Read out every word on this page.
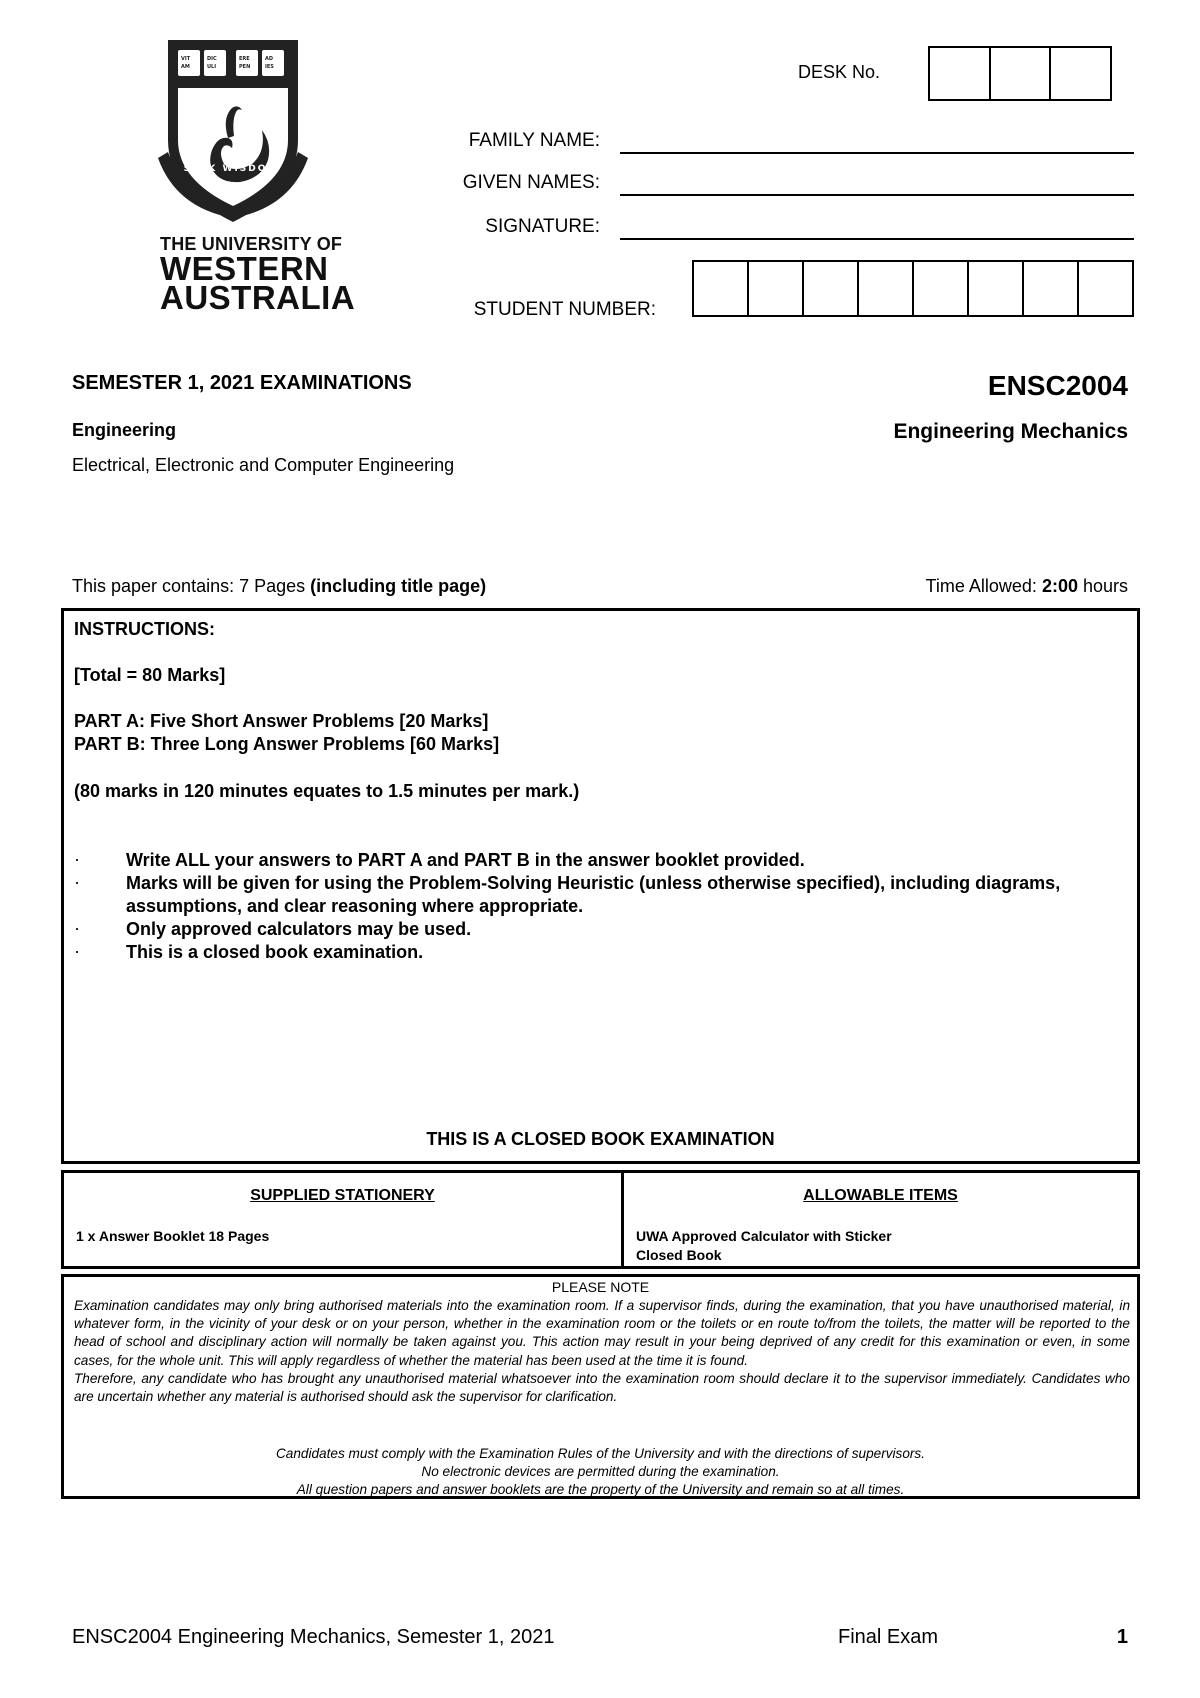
VIT
AM
DIC
ULI
ERE
PEN
AD
IES
SEEK WISDOM
THE UNIVERSITY OF
WESTERN
AUSTRALIA
DESK No.
FAMILY NAME:
GIVEN NAMES:
SIGNATURE:
STUDENT NUMBER:
SEMESTER 1, 2021 EXAMINATIONS
Engineering
Electrical, Electronic and Computer Engineering
ENSC2004
Engineering Mechanics
This paper contains: 7 Pages (including title page)	Time Allowed: 2:00 hours
INSTRUCTIONS:
[Total = 80 Marks]
PART A: Five Short Answer Problems [20 Marks]
PART B: Three Long Answer Problems [60 Marks]
(80 marks in 120 minutes equates to 1.5 minutes per mark.)
·	Write ALL your answers to PART A and PART B in the answer booklet provided.
·	Marks will be given for using the Problem-Solving Heuristic (unless otherwise specified), including diagrams, assumptions, and clear reasoning where appropriate.
·	Only approved calculators may be used.
·	This is a closed book examination.
THIS IS A CLOSED BOOK EXAMINATION
SUPPLIED STATIONERY
1 x Answer Booklet 18 Pages
ALLOWABLE ITEMS
UWA Approved Calculator with Sticker
Closed Book
PLEASE NOTE

Examination candidates may only bring authorised materials into the examination room. If a supervisor finds, during the examination, that you have unauthorised material, in whatever form, in the vicinity of your desk or on your person, whether in the examination room or the toilets or en route to/from the toilets, the matter will be reported to the head of school and disciplinary action will normally be taken against you. This action may result in your being deprived of any credit for this examination or even, in some cases, for the whole unit. This will apply regardless of whether the material has been used at the time it is found.

Therefore, any candidate who has brought any unauthorised material whatsoever into the examination room should declare it to the supervisor immediately. Candidates who are uncertain whether any material is authorised should ask the supervisor for clarification.

Candidates must comply with the Examination Rules of the University and with the directions of supervisors.

No electronic devices are permitted during the examination.

All question papers and answer booklets are the property of the University and remain so at all times.

ENSC2004 Engineering Mechanics, Semester 1, 2021	Final Exam	1
